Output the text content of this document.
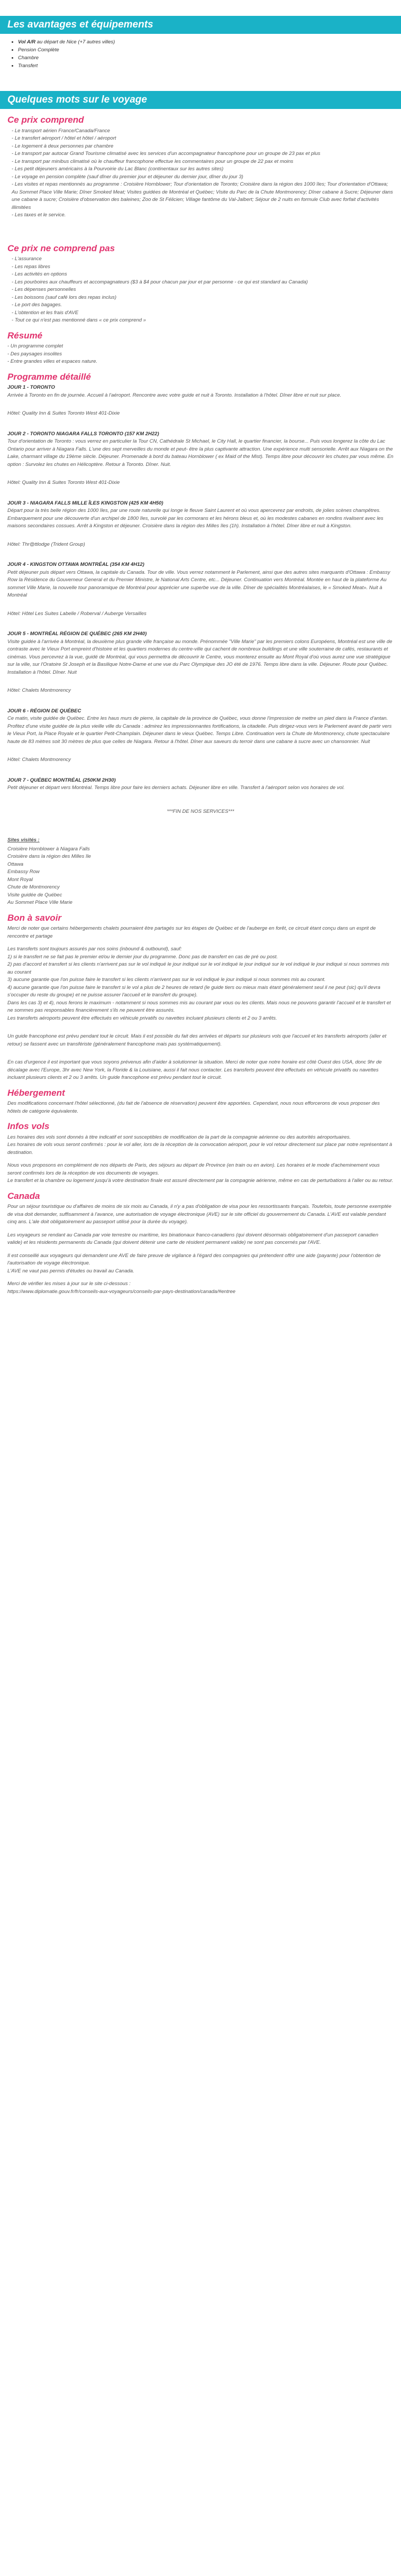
Les avantages et équipements
• Vol A/R au départ de Nice (+7 autres villes)
• Pension Complète
• Chambre
• Transfert
Quelques mots sur le voyage
Ce prix comprend
- Le transport aérien France/Canada/France
- Le transfert aéroport / hôtel et hôtel / aéroport
- Le logement à deux personnes par chambre
- Le transport par autocar Grand Tourisme climatisé avec les services d'un accompagnateur francophone pour un groupe de 23 pax et plus
- Le transport par minibus climatisé où le chauffeur francophone effectue les commentaires pour un groupe de 22 pax et moins
- Les petit déjeuners américains à la Pourvoirie du Lac Blanc (continentaux sur les autres sites)
- Le voyage en pension complète (sauf dîner du premier jour et déjeuner du dernier jour, dîner du jour 3)
- Les visites et repas mentionnés au programme : Croisière Hornblower; Tour d'orientation de Toronto; Croisière dans la région des 1000 îles; Tour d'orientation d'Ottawa; Au Sommet Place Ville Marie; Dîner Smoked Meat; Visites guidées de Montréal et Québec; Visite du Parc de la Chute Montmorency; Dîner cabane à Sucre; Déjeuner dans une cabane à sucre; Croisière d'observation des baleines; Zoo de St Félicien; Village fantôme du Val-Jalbert; Séjour de 2 nuits en formule Club avec forfait d'activités illimitées
- Les taxes et le service.
Ce prix ne comprend pas
- L'assurance
- Les repas libres
- Les activités en options
- Les pourboires aux chauffeurs et accompagnateurs ($3 à $4 pour chacun par jour et par personne - ce qui est standard au Canada)
- Les dépenses personnelles
- Les boissons (sauf café lors des repas inclus)
- Le port des bagages.
- L'obtention et les frais d'AVE
- Tout ce qui n'est pas mentionné dans « ce prix comprend »
Résumé
- Un programme complet
- Des paysages insolites
- Entre grandes villes et espaces nature.
Programme détaillé

JOUR 1 - TORONTO

Arrivée à Toronto en fin de journée. Accueil à l'aéroport. Rencontre avec votre guide et nuit à Toronto. Installation à l'hôtel. Dîner libre et nuit sur place.

Hôtel: Quality Inn & Suites Toronto West 401-Dixie

JOUR 2 - TORONTO NIAGARA FALLS TORONTO (157 KM 2H22)

Tour d'orientation de Toronto : vous verrez en particulier la Tour CN, Cathédrale St Michael, le City Hall, le quartier financier, la bourse... Puis vous longerez la côte du Lac Ontario pour arriver à Niagara Falls. L'une des sept merveilles du monde et peut- être la plus captivante attraction. Une expérience multi sensorielle. Arrêt aux Niagara on the Lake, charmant village du 19ème siècle. Déjeuner. Promenade à bord du bateau Hornblower ( ex Maid of the Mist). Temps libre pour découvrir les chutes par vous même. En option : Survolez les chutes en Hélicoptère. Retour à Toronto. Dîner. Nuit.

Hôtel: Quality Inn & Suites Toronto West 401-Dixie

JOUR 3 - NIAGARA FALLS MILLE ÎLES KINGSTON (425 KM 4H50)

Départ pour la très belle région des 1000 îles, par une route naturelle qui longe le fleuve Saint Laurent et où vous apercevrez par endroits, de jolies scènes champêtres. Embarquement pour une découverte d'un archipel de 1800 îles, survolé par les cormorans et les hérons bleus et, où les modestes cabanes en rondins rivalisent avec les maisons secondaires cossues. Arrêt à Kingston et déjeuner. Croisière dans la région des Milles îles (1h). Installation à l'hôtel. Dîner libre et nuit à Kingston.

Hôtel: Thr@ttlodge (Trident Group)

JOUR 4 - KINGSTON OTTAWA MONTRÉAL (354 KM 4H12)

Petit déjeuner puis départ vers Ottawa, la capitale du Canada. Tour de ville. Vous verrez notamment le Parlement, ainsi que des autres sites marquants d'Ottawa : Embassy Row la Résidence du Gouverneur General et du Premier Ministre, le National Arts Centre, etc... Déjeuner. Continuation vers Montréal. Montée en haut de la plateforme Au sommet Ville Marie, la nouvelle tour panoramique de Montréal pour apprécier une superbe vue de la ville. Dîner de spécialités Montréalaises, le « Smoked Meat». Nuit à Montréal

Hôtel: Hôtel Les Suites Labelle / Roberval / Auberge Versailles

JOUR 5 - MONTRÉAL RÉGION DE QUÉBEC (265 KM 2H40)

Visite guidée à l'arrivée à Montréal, la deuxième plus grande ville française au monde. Prénommée "Ville Marie" par les premiers colons Européens, Montréal est une ville de contraste avec le Vieux Port empreint d'histoire et les quartiers modernes du centre-ville qui cachent de nombreux buildings et une ville souterraine de cafés, restaurants et cinémas. Vous percevrez à la vue, guidé de Montréal, qui vous permettra de découvrir le Centre, vous monterez ensuite au Mont Royal d'où vous aurez une vue stratégique sur la ville, sur l'Oratoire St Joseph et la Basilique Notre-Dame et une vue du Parc Olympique des JO été de 1976. Temps libre dans la ville. Déjeuner. Route pour Québec. Installation à l'hôtel. Dîner. Nuit

Hôtel: Chalets Montmorency

JOUR 6 - RÉGION DE QUÉBEC

Ce matin, visite guidée de Québec. Entre les haus murs de pierre, la capitale de la province de Québec, vous donne l'impression de mettre un pied dans la France d'antan. Profitez d'une visite guidée de la plus vieille ville du Canada : admirez les impressionnantes fortifications, la citadelle. Puis dirigez-vous vers le Parlement avant de partir vers le Vieux Port, la Place Royale et le quartier Petit-Champlain. Déjeuner dans le vieux Québec. Temps Libre. Continuation vers la Chute de Montmorency, chute spectaculaire haute de 83 mètres soit 30 mètres de plus que celles de Niagara. Retour à l'hôtel. Dîner aux saveurs du terroir dans une cabane à sucre avec un chansonnier. Nuit

Hôtel: Chalets Montmorency

JOUR 7 - QUÉBEC MONTRÉAL (250KM 2H30)

Petit déjeuner et départ vers Montréal. Temps libre pour faire les derniers achats. Déjeuner libre en ville. Transfert à l'aéroport selon vos horaires de vol.

***FIN DE NOS SERVICES***

Sites visités :

Croisière Hornblower à Niagara Falls
Croisière dans la région des Milles île
Ottawa
Embassy Row
Mont Royal
Chute de Montmorency
Visite guidée de Québec
Au Sommet Place Ville Marie
Bon à savoir

Merci de noter que certains hébergements chalets pourraient être partagés sur les étapes de Québec et de l'auberge en forêt, ce circuit étant conçu dans un esprit de rencontre et partage

Les transferts sont toujours assurés par nos soins (inbound & outbound), sauf:
1) si le transfert ne se fait pas le premier et/ou le dernier jour du programme. Donc pas de transfert en cas de pré ou post.
2) pas d'accord et transfert si les clients n'arrivent pas sur le vol indiqué le jour indiqué sur le vol indiqué le jour indiqué sur le vol indiqué le jour indiqué si nous sommes mis au courant
3) aucune garantie que l'on puisse faire le transfert si les clients n'arrivent pas sur le vol indiqué le jour indiqué si nous sommes mis au courant.
4) aucune garantie que l'on puisse faire le transfert si le vol a plus de 2 heures de retard (le guide tiers ou mieux mais étant généralement seul il ne peut (sic) qu'il devra s'occuper du reste du groupe) et ne puisse assurer l'accueil et le transfert du groupe).
Dans les cas 3) et 4), nous ferons le maximum - notamment si nous sommes mis au courant par vous ou les clients. Mais nous ne pouvons garantir l'accueil et le transfert et ne sommes pas responsables financièrement s'ils ne peuvent être assurés.
Les transferts aéroports peuvent être effectués en véhicule privatifs ou navettes incluant plusieurs clients et 2 ou 3 arrêts.

Un guide francophone est prévu pendant tout le circuit. Mais il est possible du fait des arrivées et départs sur plusieurs vols que l'accueil et les transferts aéroports (aller et retour) se fassent avec un transfériste (généralement francophone mais pas systématiquement).

En cas d'urgence il est important que vous soyons prévenus afin d'aider à solutionner la situation. Merci de noter que notre horaire est côté Ouest des USA, donc 9hr de décalage avec l'Europe, 3hr avec New York, la Floride & la Louisiane, aussi il fait nous contacter. Les transferts peuvent être effectués en véhicule privatifs ou navettes incluant plusieurs clients et 2 ou 3 arrêts. Un guide francophone est prévu pendant tout le circuit.

Hébergement

Des modifications concernant l'hôtel sélectionné, (du fait de l'absence de réservation) peuvent être apportées. Cependant, nous nous efforcerons de vous proposer des hôtels de catégorie équivalente.

Infos vols

Les horaires des vols sont donnés à titre indicatif et sont susceptibles de modification de la part de la compagnie aérienne ou des autorités aéroportuaires.
Les horaires de vols vous seront confirmés : pour le vol aller, lors de la réception de la convocation aéroport, pour le vol retour directement sur place par notre représentant à destination.

Nous vous proposons en complément de nos départs de Paris, des séjours au départ de Province (en train ou en avion). Les horaires et le mode d'acheminement vous seront confirmés lors de la réception de vos documents de voyages.
Le transfert et la chambre ou logement jusqu'à votre destination finale est assuré directement par la compagnie aérienne, même en cas de perturbations à l'aller ou au retour.

Canada

Pour un séjour touristique ou d'affaires de moins de six mois au Canada, il n'y a pas d'obligation de visa pour les ressortissants français. Toutefois, toute personne exemptée de visa doit demander, suffisamment à l'avance, une autorisation de voyage électronique (AVE) sur le site officiel du gouvernement du Canada. L'AVE est valable pendant cinq ans. L'ale doit obligatoirement au passeport utilisé pour la durée du voyage).

Les voyageurs se rendant au Canada par voie terrestre ou maritime, les binationaux franco-canadiens (qui doivent désormais obligatoirement d'un passeport canadien valide) et les résidents permanents du Canada (qui doivent détenir une carte de résident permanent valide) ne sont pas concernés par l'AVE.

Il est conseillé aux voyageurs qui demandent une AVE de faire preuve de vigilance à l'égard des compagnies qui prétendent offrir une aide (payante) pour l'obtention de l'autorisation de voyage électronique.
L'AVE ne vaut pas permis d'études ou travail au Canada.

Merci de vérifier les mises à jour sur le site ci-dessous :
https://www.diplomatie.gouv.fr/fr/conseils-aux-voyageurs/conseils-par-pays-destination/canada/#entree
